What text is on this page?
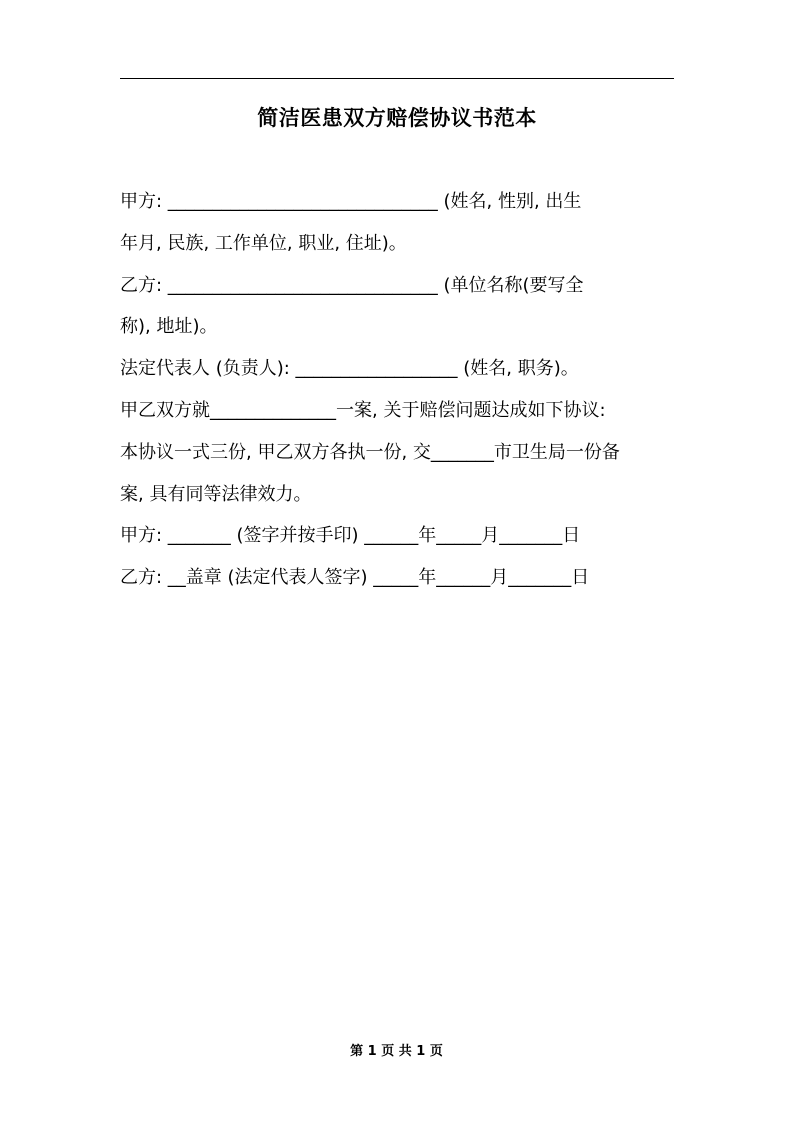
简洁医患双方赔偿协议书范本
甲方: ______________________________ (姓名, 性别, 出生
年月, 民族, 工作单位, 职业, 住址)。
乙方: ______________________________ (单位名称(要写全
称), 地址)。
法定代表人 (负责人): __________________ (姓名, 职务)。
甲乙双方就______________一案, 关于赔偿问题达成如下协议:
本协议一式三份, 甲乙双方各执一份, 交_______市卫生局一份备
案, 具有同等法律效力。
甲方: _______ (签字并按手印) ______年_____月_______日
乙方: __盖章 (法定代表人签字) _____年______月_______日
第 1 页 共 1 页
